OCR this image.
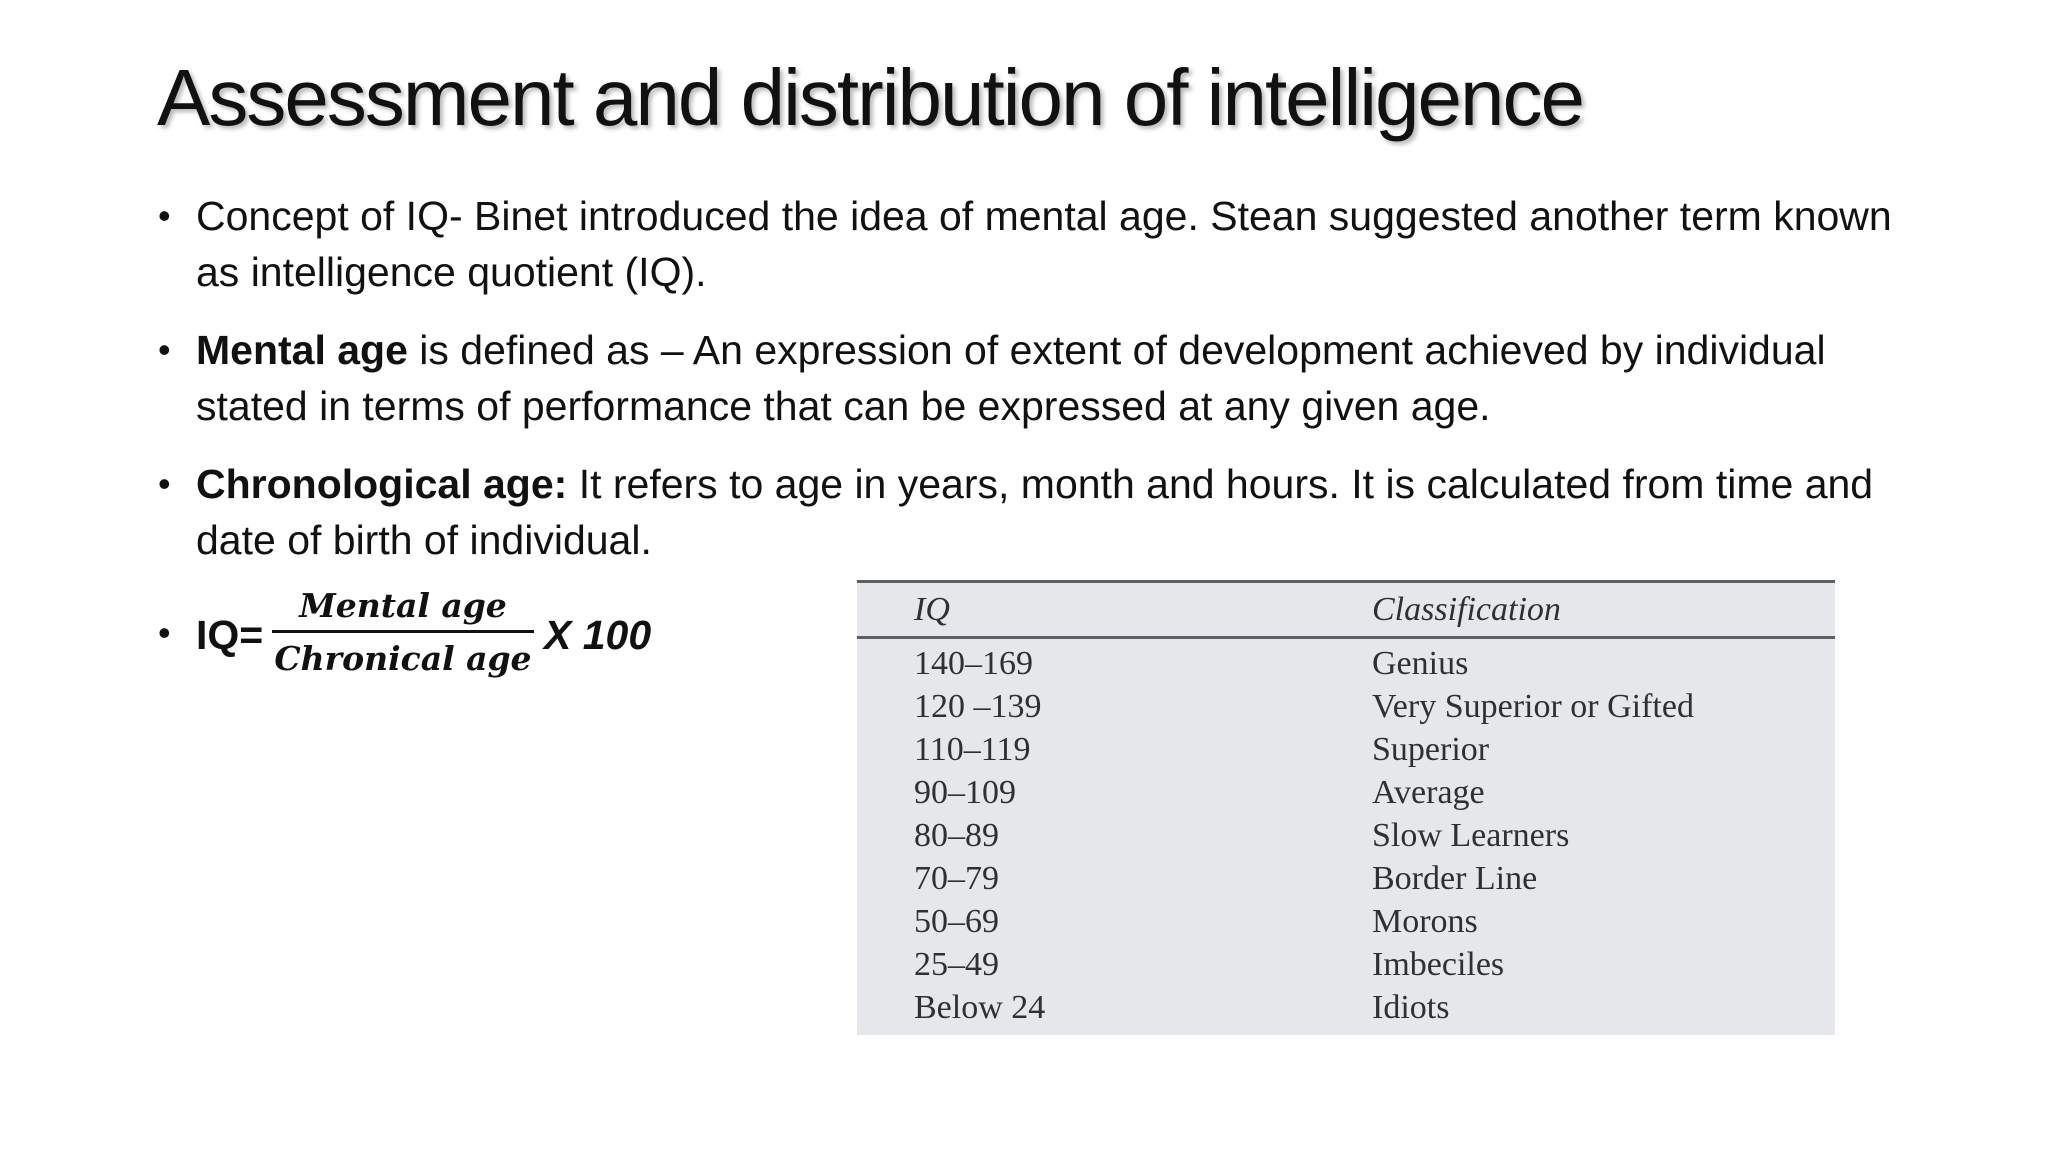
Assessment and distribution of intelligence
• Concept of IQ- Binet introduced the idea of mental age. Stean suggested another term known as intelligence quotient (IQ).
• Mental age is defined as – An expression of extent of development achieved by individual stated in terms of performance that can be expressed at any given age.
• Chronological age: It refers to age in years, month and hours. It is calculated from time and date of birth of individual.
• IQ=
Mental age
Chronical age
X 100
IQ	Classification
140–169	Genius
120 –139	Very Superior or Gifted
110–119	Superior
90–109	Average
80–89	Slow Learners
70–79	Border Line
50–69	Morons
25–49	Imbeciles
Below 24	Idiots
